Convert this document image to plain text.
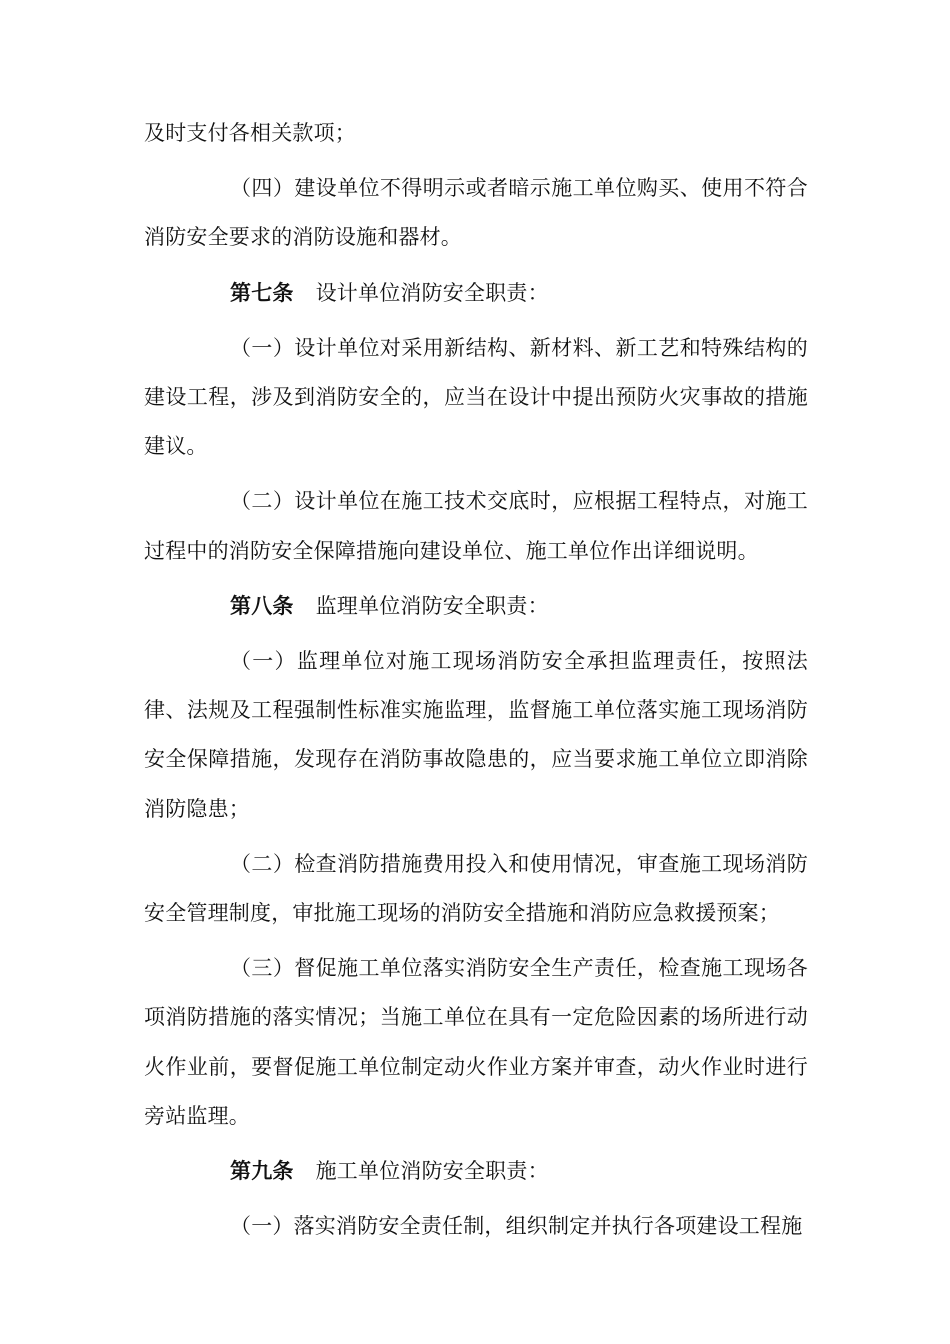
及时支付各相关款项；

（四）建设单位不得明示或者暗示施工单位购买、使用不符合消防安全要求的消防设施和器材。

第七条 设计单位消防安全职责：

（一）设计单位对采用新结构、新材料、新工艺和特殊结构的建设工程，涉及到消防安全的，应当在设计中提出预防火灾事故的措施建议。

（二）设计单位在施工技术交底时，应根据工程特点，对施工过程中的消防安全保障措施向建设单位、施工单位作出详细说明。

第八条 监理单位消防安全职责：

（一）监理单位对施工现场消防安全承担监理责任，按照法律、法规及工程强制性标准实施监理，监督施工单位落实施工现场消防安全保障措施，发现存在消防事故隐患的，应当要求施工单位立即消除消防隐患；

（二）检查消防措施费用投入和使用情况，审查施工现场消防安全管理制度，审批施工现场的消防安全措施和消防应急救援预案；

（三）督促施工单位落实消防安全生产责任，检查施工现场各项消防措施的落实情况；当施工单位在具有一定危险因素的场所进行动火作业前，要督促施工单位制定动火作业方案并审查，动火作业时进行旁站监理。

第九条 施工单位消防安全职责：

（一）落实消防安全责任制，组织制定并执行各项建设工程施
